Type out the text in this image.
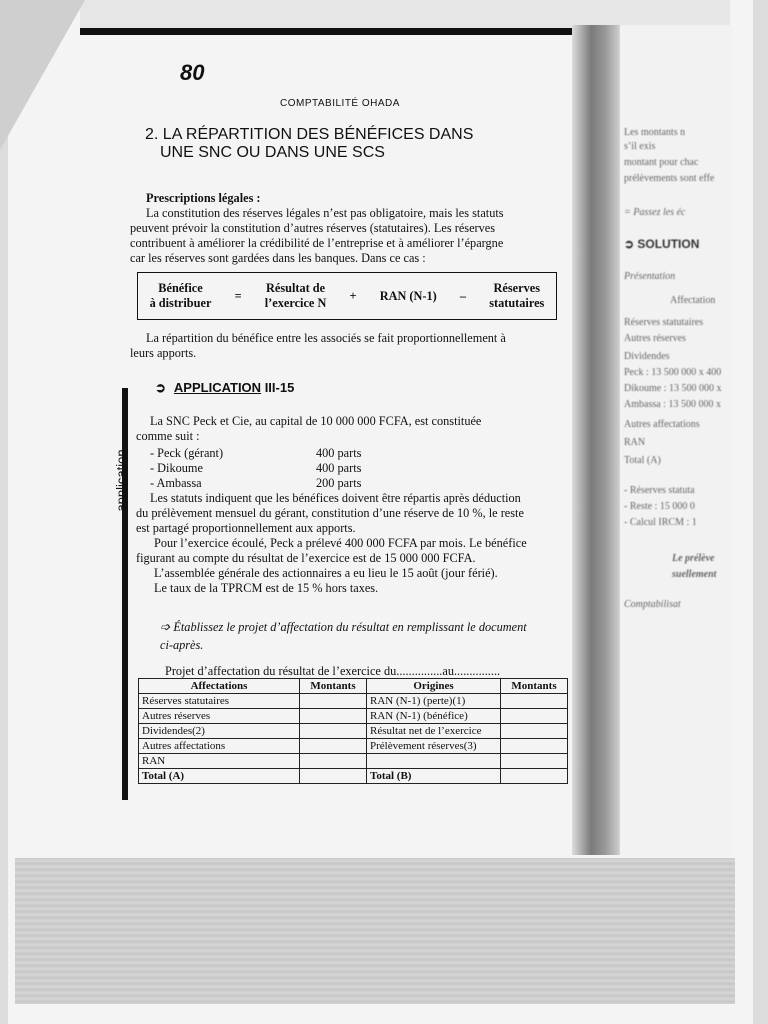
Les montants n
s’il exis
montant pour chac
prélèvements sont effe
= Passez les éc
➲ SOLUTION
Présentation
Affectation
Réserves statutaires
Autres réserves
Dividendes
Peck : 13 500 000 x 400
Dikoume : 13 500 000 x
Ambassa : 13 500 000 x
Autres affectations
RAN
Total (A)
- Réserves statuta
- Reste : 15 000 0
- Calcul IRCM : 1
Le prélève
suellement
Comptabilisat
80
COMPTABILITÉ OHADA
2. LA RÉPARTITION DES BÉNÉFICES DANS
UNE SNC OU DANS UNE SCS
Prescriptions légales :
La constitution des réserves légales n’est pas obligatoire, mais les statuts
peuvent prévoir la constitution d’autres réserves (statutaires). Les réserves
contribuent à améliorer la crédibilité de l’entreprise et à améliorer l’épargne
car les réserves sont gardées dans les banques. Dans ce cas :
Bénéfice
à distribuer
=
Résultat de
l’exercice N
+ RAN (N-1) –
Réserves
statutaires
La répartition du bénéfice entre les associés se fait proportionnellement à
leurs apports.
➲ APPLICATION III-15
application
La SNC Peck et Cie, au capital de 10 000 000 FCFA, est constituée
comme suit :
- Peck (gérant)	400 parts
- Dikoume	400 parts
- Ambassa	200 parts
Les statuts indiquent que les bénéfices doivent être répartis après déduction
du prélèvement mensuel du gérant, constitution d’une réserve de 10 %, le reste
est partagé proportionnellement aux apports.
Pour l’exercice écoulé, Peck a prélevé 400 000 FCFA par mois. Le bénéfice
figurant au compte du résultat de l’exercice est de 15 000 000 FCFA.
L’assemblée générale des actionnaires a eu lieu le 15 août (jour férié).
Le taux de la TPRCM est de 15 % hors taxes.
➩ Établissez le projet d’affectation du résultat en remplissant le document
ci-après.
Projet d’affectation du résultat de l’exercice du...............au...............
Affectations	Montants	Origines	Montants
Réserves statutaires		RAN (N-1) (perte)(1)	
Autres réserves		RAN (N-1) (bénéfice)	
Dividendes(2)		Résultat net de l’exercice	
Autres affectations		Prélèvement réserves(3)	
RAN			
Total (A)		Total (B)	
